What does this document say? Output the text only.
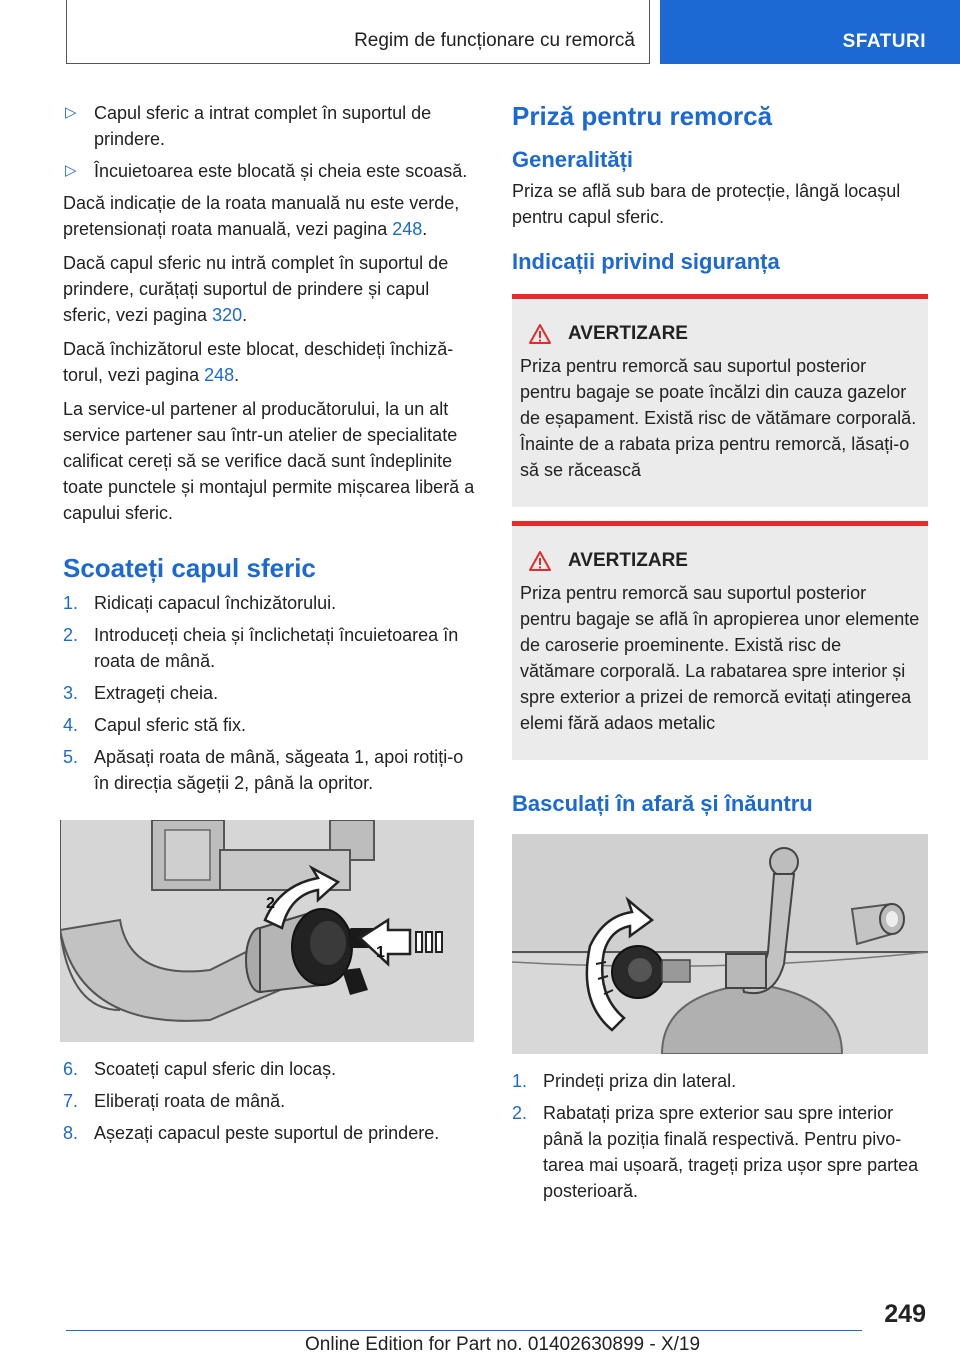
Regim de funcționare cu remorcă	SFATURI
▷ Capul sferic a intrat complet în suportul de prindere.
▷ Încuietoarea este blocată și cheia este scoasă.

Dacă indicație de la roata manuală nu este verde, pretensionați roata manuală, vezi pagina 248.

Dacă capul sferic nu intră complet în suportul de prindere, curățați suportul de prindere și capul sferic, vezi pagina 320.

Dacă închizătorul este blocat, deschideți închizătorul, vezi pagina 248.

La service-ul partener al producătorului, la un alt service partener sau într-un atelier de specialitate calificat cereți să se verifice dacă sunt îndeplinite toate punctele și montajul permite mișcarea liberă a capului sferic.

Scoateți capul sferic
1. Ridicați capacul închizătorului.
2. Introduceți cheia și înclichetați încuietoarea în roata de mână.
3. Extrageți cheia.
4. Capul sferic stă fix.
5. Apăsați roata de mână, săgeata 1, apoi rotiți-o în direcția săgeții 2, până la opritor.
2
1
6. Scoateți capul sferic din locaș.
7. Eliberați roata de mână.
8. Așezați capacul peste suportul de prindere.
Priză pentru remorcă
Generalități

Priza se află sub bara de protecție, lângă locașul pentru capul sferic.

Indicații privind siguranța
AVERTIZARE
Priza pentru remorcă sau suportul posterior pentru bagaje se poate încălzi din cauza gazelor de eșapament. Există risc de vătămare corporală. Înainte de a rabata priza pentru remorcă, lăsați-o să se răcească
AVERTIZARE
Priza pentru remorcă sau suportul posterior pentru bagaje se află în apropierea unor elemente de caroserie proeminente. Există risc de vătămare corporală. La rabatarea spre interior și spre exterior a prizei de remorcă evitați atingerea elemi fără adaos metalic
Basculați în afară și înăuntru
1. Prindeți priza din lateral.
2. Rabatați priza spre exterior sau spre interior până la poziția finală respectivă. Pentru pivotarea mai ușoară, trageți priza ușor spre partea posterioară.
249
Online Edition for Part no. 01402630899 - X/19
